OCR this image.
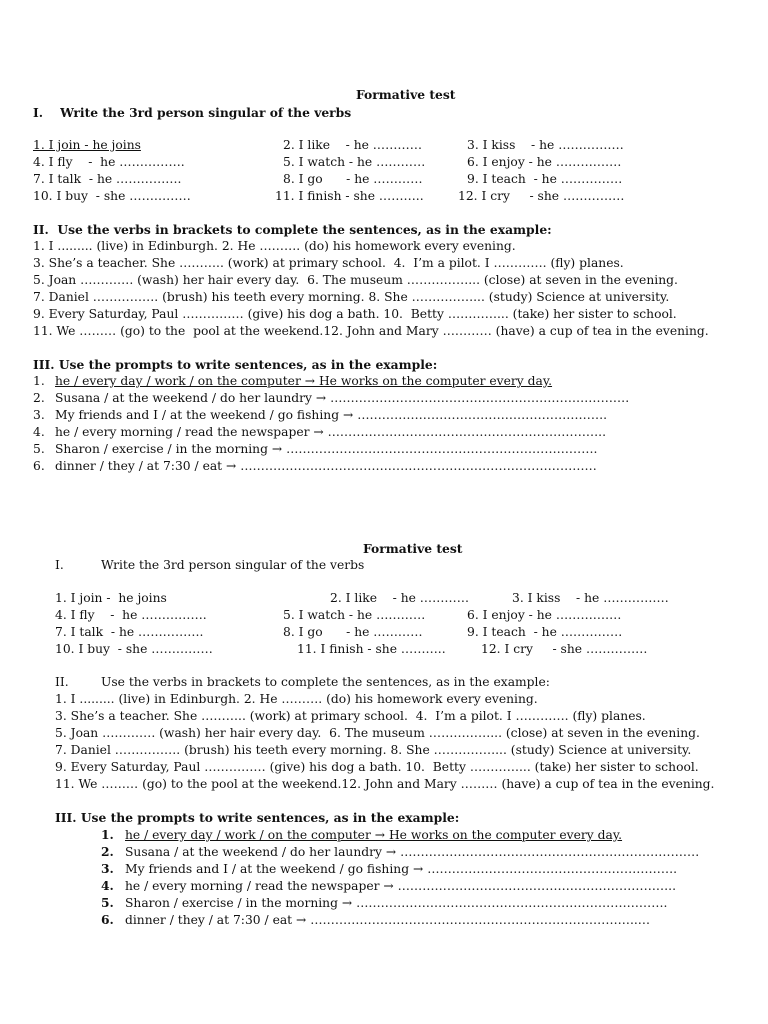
Formative test
I.    Write the 3rd person singular of the verbs
1. I join - he joins	2. I like    - he …………	3. I kiss    - he …………….
4. I fly    -  he …………….	5. I watch - he …………	6. I enjoy - he …………….
7. I talk  - he …………….	8. I go      - he …………	9. I teach  - he ……………
10. I buy  - she ……………	11. I finish - she ………..	12. I cry     - she ……………
II.  Use the verbs in brackets to complete the sentences, as in the example:
1. I ......... (live) in Edinburgh. 2. He ………. (do) his homework every evening.
3. She’s a teacher. She ……….. (work) at primary school.  4.  I’m a pilot. I …………. (fly) planes.
5. Joan …………. (wash) her hair every day.  6. The museum ……………... (close) at seven in the evening.
7. Daniel ……………. (brush) his teeth every morning. 8. She ……………... (study) Science at university.
9. Every Saturday, Paul …………… (give) his dog a bath. 10.  Betty …………... (take) her sister to school.
11. We ……… (go) to the  pool at the weekend.12. John and Mary ………… (have) a cup of tea in the evening.
III. Use the prompts to write sentences, as in the example:
1. he / every day / work / on the computer → He works on the computer every day.
2. Susana / at the weekend / do her laundry → ……………………………………………………………….
3. My friends and I / at the weekend / go fishing → …………………………………………………….
4. he / every morning / read the newspaper → …………………………………………………………..
5. Sharon / exercise / in the morning → ………………………………………………………………….
6. dinner / they / at 7:30 / eat → ……………………………………………………………………………
Formative test
I.	Write the 3rd person singular of the verbs
1. I join -  he joins	2. I like    - he …………	3. I kiss    - he …………….
4. I fly    -  he …………….	5. I watch - he …………	6. I enjoy - he …………….
7. I talk  - he …………….	8. I go      - he …………	9. I teach  - he ……………
10. I buy  - she ……………	11. I finish - she ………..	12. I cry     - she ……………
II.	Use the verbs in brackets to complete the sentences, as in the example:
1. I ......... (live) in Edinburgh. 2. He ………. (do) his homework every evening.
3. She’s a teacher. She ……….. (work) at primary school.  4.  I’m a pilot. I …………. (fly) planes.
5. Joan …………. (wash) her hair every day.  6. The museum ……………... (close) at seven in the evening.
7. Daniel ……………. (brush) his teeth every morning. 8. She ……………... (study) Science at university.
9. Every Saturday, Paul …………… (give) his dog a bath. 10.  Betty …………... (take) her sister to school.
11. We ……… (go) to the pool at the weekend.12. John and Mary ……… (have) a cup of tea in the evening.
III. Use the prompts to write sentences, as in the example:
1. he / every day / work / on the computer → He works on the computer every day.
2. Susana / at the weekend / do her laundry → ……………………………………………………………….
3. My friends and I / at the weekend / go fishing → …………………………………………………….
4. he / every morning / read the newspaper → …………………………………………………………..
5. Sharon / exercise / in the morning → ………………………………………………………………….
6. dinner / they / at 7:30 / eat → ……………………………………………………………………..…
